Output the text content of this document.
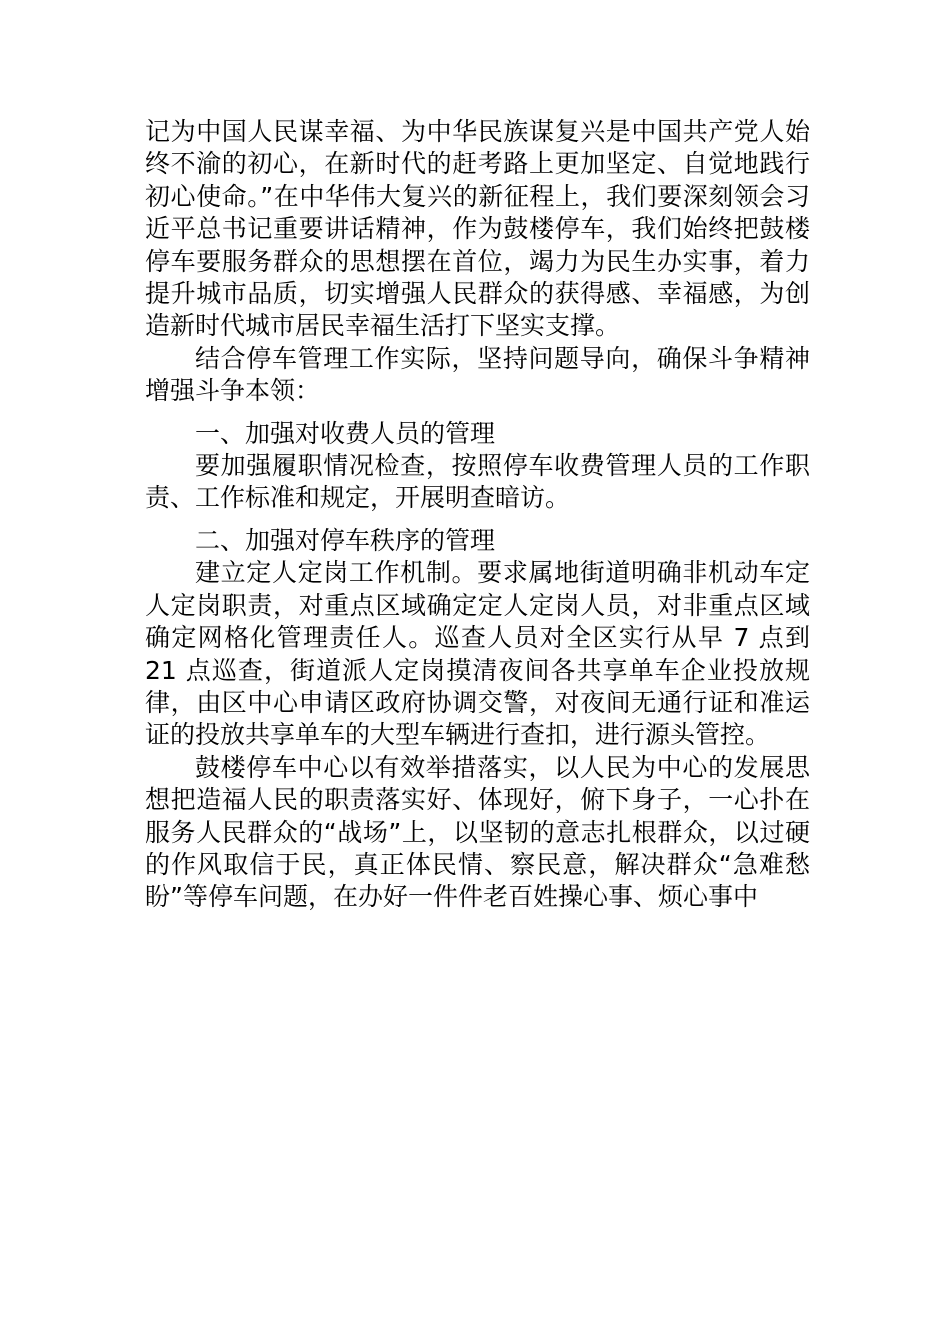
记为中国人民谋幸福、为中华民族谋复兴是中国共产党人始终不渝的初心，在新时代的赶考路上更加坚定、自觉地践行初心使命。”在中华伟大复兴的新征程上，我们要深刻领会习近平总书记重要讲话精神，作为鼓楼停车，我们始终把鼓楼停车要服务群众的思想摆在首位，竭力为民生办实事，着力提升城市品质，切实增强人民群众的获得感、幸福感，为创造新时代城市居民幸福生活打下坚实支撑。

结合停车管理工作实际，坚持问题导向，确保斗争精神增强斗争本领：

一、加强对收费人员的管理

要加强履职情况检查，按照停车收费管理人员的工作职责、工作标准和规定，开展明查暗访。

二、加强对停车秩序的管理

建立定人定岗工作机制。要求属地街道明确非机动车定人定岗职责，对重点区域确定定人定岗人员，对非重点区域确定网格化管理责任人。巡查人员对全区实行从早 7 点到 21 点巡查，街道派人定岗摸清夜间各共享单车企业投放规律，由区中心申请区政府协调交警，对夜间无通行证和准运证的投放共享单车的大型车辆进行查扣，进行源头管控。

鼓楼停车中心以有效举措落实，以人民为中心的发展思想把造福人民的职责落实好、体现好，俯下身子，一心扑在服务人民群众的“战场”上，以坚韧的意志扎根群众，以过硬的作风取信于民，真正体民情、察民意，解决群众“急难愁盼”等停车问题，在办好一件件老百姓操心事、烦心事中
